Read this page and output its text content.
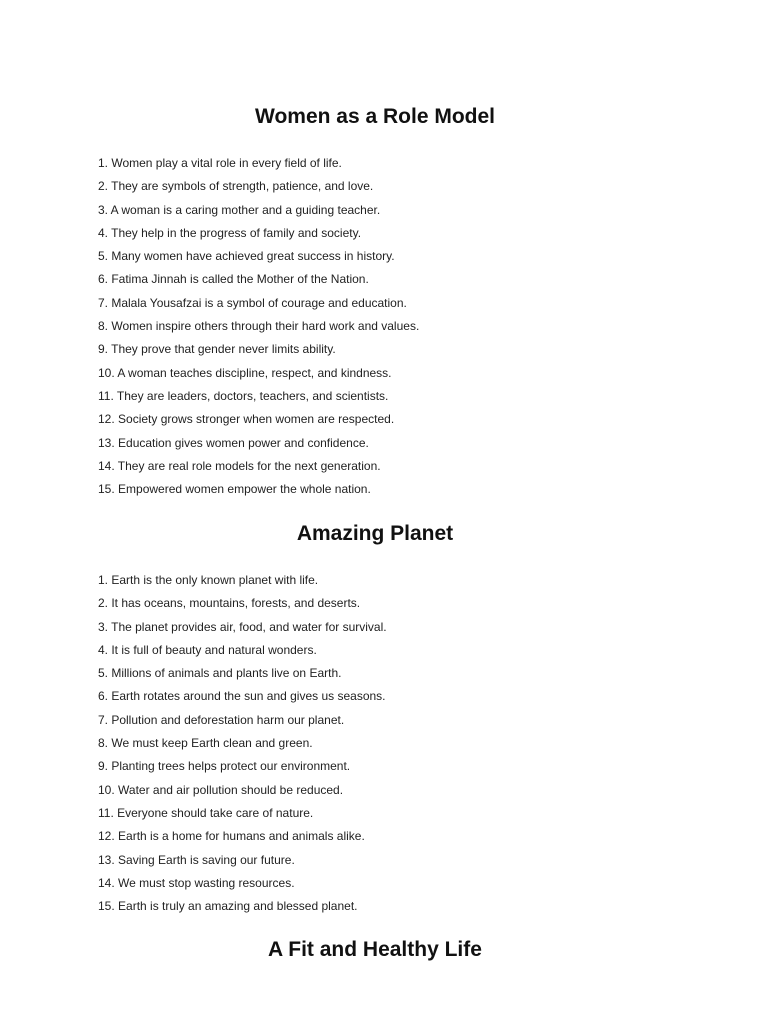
Women as a Role Model
1. Women play a vital role in every field of life.
2. They are symbols of strength, patience, and love.
3. A woman is a caring mother and a guiding teacher.
4. They help in the progress of family and society.
5. Many women have achieved great success in history.
6. Fatima Jinnah is called the Mother of the Nation.
7. Malala Yousafzai is a symbol of courage and education.
8. Women inspire others through their hard work and values.
9. They prove that gender never limits ability.
10. A woman teaches discipline, respect, and kindness.
11. They are leaders, doctors, teachers, and scientists.
12. Society grows stronger when women are respected.
13. Education gives women power and confidence.
14. They are real role models for the next generation.
15. Empowered women empower the whole nation.
Amazing Planet
1. Earth is the only known planet with life.
2. It has oceans, mountains, forests, and deserts.
3. The planet provides air, food, and water for survival.
4. It is full of beauty and natural wonders.
5. Millions of animals and plants live on Earth.
6. Earth rotates around the sun and gives us seasons.
7. Pollution and deforestation harm our planet.
8. We must keep Earth clean and green.
9. Planting trees helps protect our environment.
10. Water and air pollution should be reduced.
11. Everyone should take care of nature.
12. Earth is a home for humans and animals alike.
13. Saving Earth is saving our future.
14. We must stop wasting resources.
15. Earth is truly an amazing and blessed planet.
A Fit and Healthy Life
